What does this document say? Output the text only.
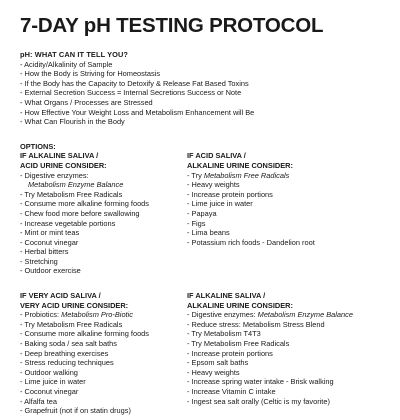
7-DAY pH TESTING PROTOCOL
pH: WHAT CAN IT TELL YOU?
- Acidity/Alkalinity of Sample
- How the Body is Striving for Homeostasis
- If the Body has the Capacity to Detoxify & Release Fat Based Toxins
- External Secretion Success = Internal Secretions Success or Note
- What Organs / Processes are Stressed
- How Effective Your Weight Loss and Metabolism Enhancement will Be
- What Can Flourish in the Body
OPTIONS:
IF ALKALINE SALIVA /
ACID URINE CONSIDER:
- Digestive enzymes:
Metabolism Enzyme Balance
- Try Metabolism Free Radicals
- Consume more alkaline forming foods
- Chew food more before swallowing
- Increase vegetable portions
- Mint or mint teas
- Coconut vinegar
- Herbal bitters
- Stretching
- Outdoor exercise
IF ACID SALIVA /
ALKALINE URINE CONSIDER:
- Try Metabolism Free Radicals
- Heavy weights
- Increase protein portions
- Lime juice in water
- Papaya
- Figs
- Lima beans
- Potassium rich foods - Dandelion root
IF VERY ACID SALIVA /
VERY ACID URINE CONSIDER:
- Probiotics: Metabolism Pro-Biotic
- Try Metabolism Free Radicals
- Consume more alkaline forming foods
- Baking soda / sea salt baths
- Deep breathing exercises
- Stress reducing techniques
- Outdoor walking
- Lime juice in water
- Coconut vinegar
- Alfalfa tea
- Grapefruit (not if on statin drugs)
IF ALKALINE SALIVA /
ALKALINE URINE CONSIDER:
- Digestive enzymes: Metabolism Enzyme Balance
- Reduce stress: Metabolism Stress Blend
- Try Metabolism T4T3
- Try Metabolism Free Radicals
- Increase protein portions
- Epsom salt baths
- Heavy weights
- Increase spring water intake - Brisk walking
- Increase Vitamin C intake
- Ingest sea salt orally (Celtic is my favorite)
